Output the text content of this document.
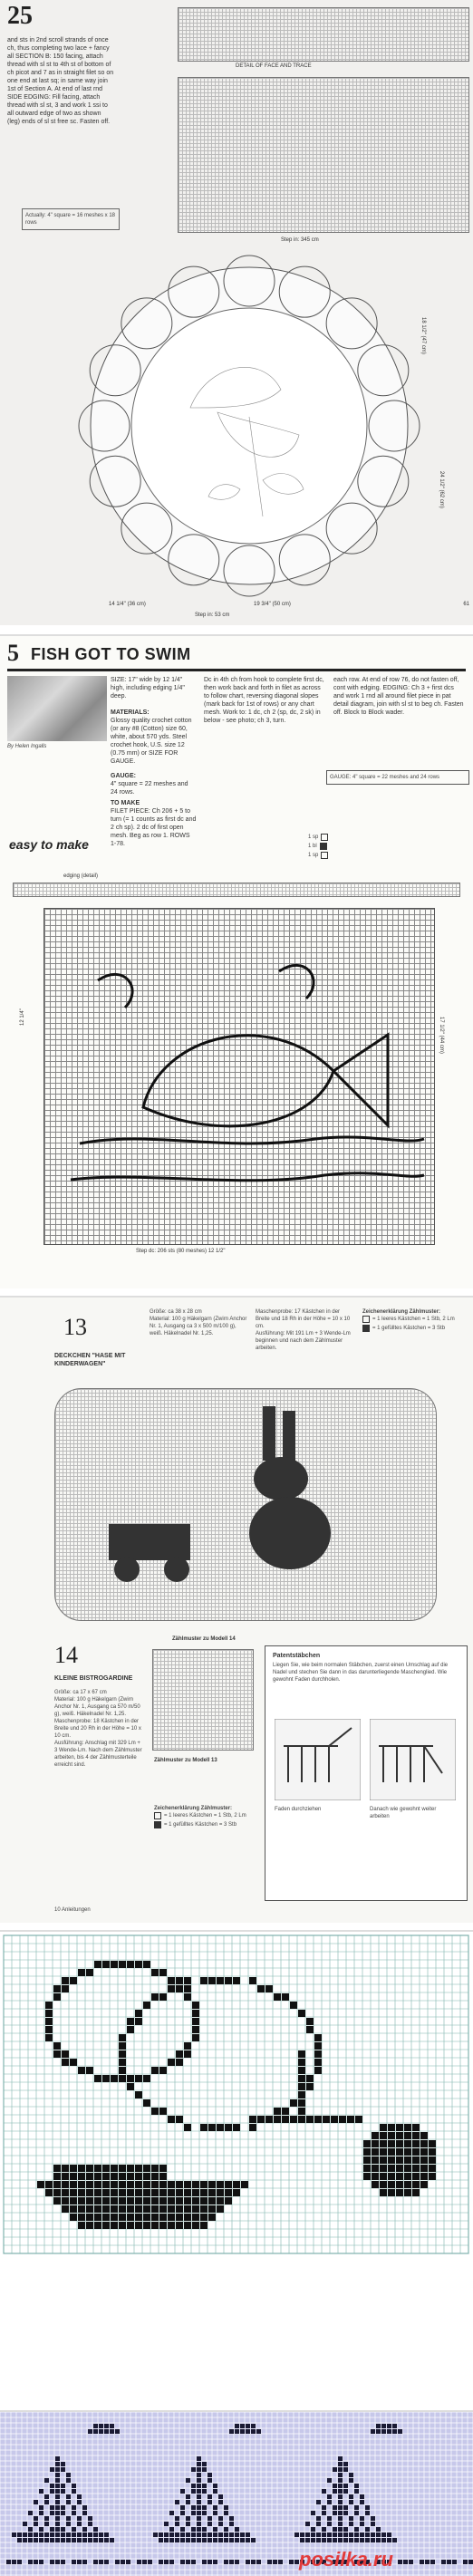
25
and sts in 2nd scroll strands of once ch, thus completing two lace + fancy all SECTION B: 150 facing, attach thread with sl st to 4th st of bottom of ch picot and 7 as in straight filet so on one end at last sq; in same way join 1st of Section A. At end of last rnd SIDE EDGING: Fill facing, attach thread with sl st, 3 and work 1 ssi to all outward edge of two as shown (leg) ends of sl st free sc. Fasten off.
Actually: 4" square = 16 meshes x 18 rows
DETAIL OF FACE AND TRACE
Step in: 345 cm
14 1/4" (36 cm)	19 3/4" (50 cm)
Step in: 53 cm
18 1/2" (47 cm)
24 1/2" (62 cm)
61
5 FISH GOT TO SWIM
By Helen Ingalls
SIZE: 17" wide by 12 1/4" high, including edging 1/4" deep.
MATERIALS:
Glossy quality crochet cotton (or any #8 (Cotton) size 60, white, about 570 yds. Steel crochet hook, U.S. size 12 (0.75 mm) or SIZE FOR GAUGE.
GAUGE:
4" square = 22 meshes and 24 rows.
TO MAKE
FILET PIECE: Ch 206 + 5 to turn (= 1 counts as first dc and 2 ch sp). 2 dc of first open mesh. Beg as row 1. ROWS 1-78.
Dc in 4th ch from hook to complete first dc, then work back and forth in filet as across to follow chart, reversing diagonal slopes (mark back for 1st of rows) or any chart mesh. Work to: 1 dc, ch 2 (sp, dc, 2 sk) in below - see photo; ch 3, turn.
each row. At end of row 76, do not fasten off, cont with edging. EDGING: Ch 3 + first dcs and work 1 rnd all around filet piece in pat detail diagram, join with sl st to beg ch. Fasten off. Block to Block wader.
GAUGE: 4" square = 22 meshes and 24 rows
easy to make	1 sp
1 bl
1 sp
edging (detail)
Step dc: 206 sts (80 meshes) 12 1/2"
17 1/2" (44 cm)
12 1/4"
13
DECKCHEN "HASE MIT KINDERWAGEN"
Größe: ca 38 x 28 cm
Material: 100 g Häkelgarn (Zwirn Anchor Nr. 1, Ausgang ca 3 x 500 m/100 g), weiß. Häkelnadel Nr. 1,25.
Maschenprobe: 17 Kästchen in der Breite und 18 Rh in der Höhe = 10 x 10 cm.
Ausführung: Mit 191 Lm + 3 Wende-Lm beginnen und nach dem Zählmuster arbeiten.
Zeichenerklärung Zählmuster:
= 1 leeres Kästchen = 1 Stb, 2 Lm
= 1 gefülltes Kästchen = 3 Stb
14
KLEINE BISTROGARDINE
Größe: ca 17 x 67 cm
Material: 100 g Häkelgarn (Zwirn Anchor Nr. 1, Ausgang ca 570 m/50 g), weiß. Häkelnadel Nr. 1,25.
Maschenprobe: 18 Kästchen in der Breite und 20 Rh in der Höhe = 10 x 10 cm.
Ausführung: Anschlag mit 329 Lm + 3 Wende-Lm. Nach dem Zählmuster arbeiten, bis 4 der Zählmusterteile erreicht sind.
Zählmuster zu Modell 14
Zählmuster zu Modell 13
Zeichenerklärung Zählmuster:
= 1 leeres Kästchen = 1 Stb, 2 Lm
= 1 gefülltes Kästchen = 3 Stb
Patentstäbchen
Liegen Sie, wie beim normalen Stäbchen, zuerst einen Umschlag auf die Nadel und stechen Sie dann in das darunterliegende Maschenglied. Wie gewohnt Faden durchholen.
Faden durchziehen	Danach wie gewohnt weiter arbeiten
10 Anleitungen
posilka.ru
